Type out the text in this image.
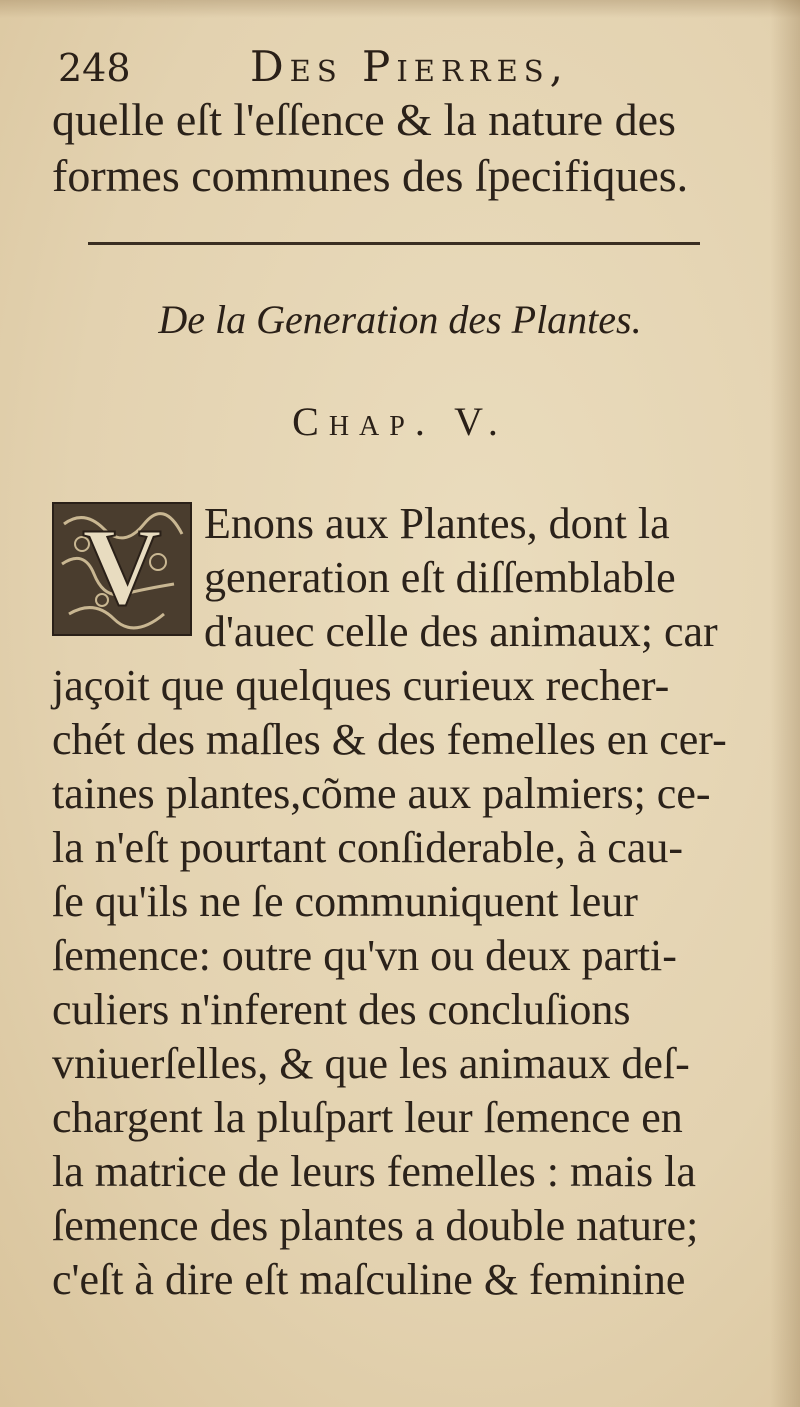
248	Des Pierres,
quelle eſt l'eſſence & la nature des
formes communes des ſpecifiques.
De la Generation des Plantes.
Chap. V.
V Enons aux Plantes, dont la
generation eſt diſſemblable
d'auec celle des animaux; car
jaçoit que quelques curieux recher-
chét des maſles & des femelles en cer-
taines plantes,cõme aux palmiers; ce-
la n'eſt pourtant conſiderable, à cau-
ſe qu'ils ne ſe communiquent leur
ſemence: outre qu'vn ou deux parti-
culiers n'inferent des concluſions
vniuerſelles, & que les animaux deſ-
chargent la pluſpart leur ſemence en
la matrice de leurs femelles : mais la
ſemence des plantes a double nature;
c'eſt à dire eſt maſculine & feminine
